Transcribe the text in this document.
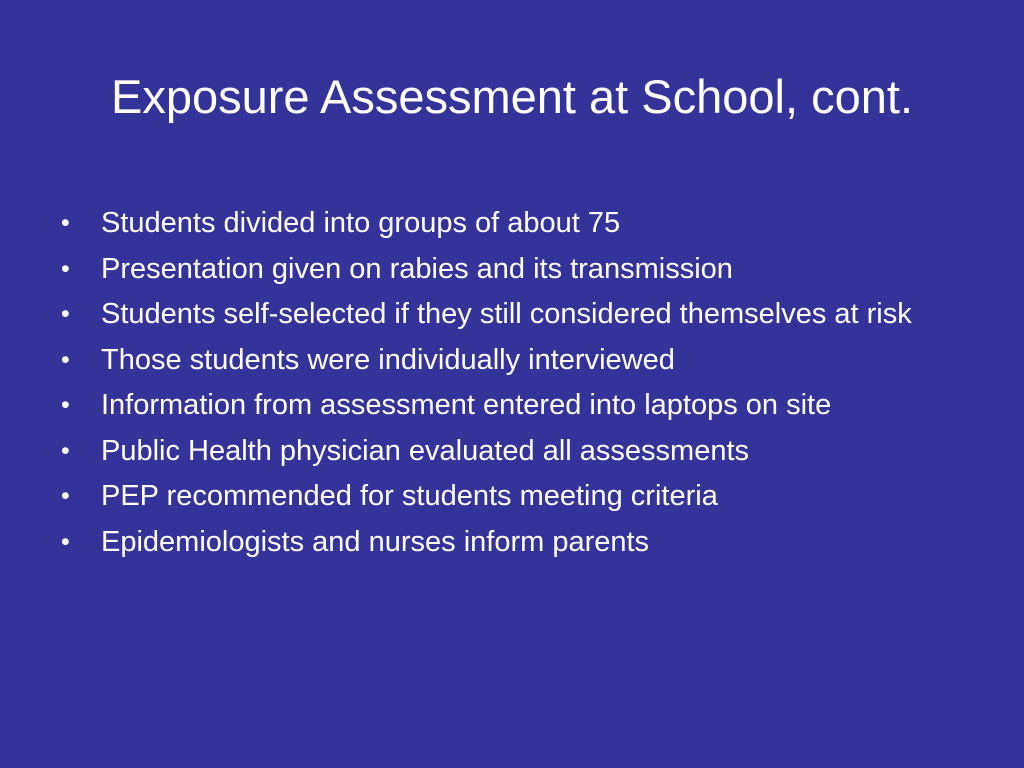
Exposure Assessment at School, cont.
• Students divided into groups of about 75
• Presentation given on rabies and its transmission
• Students self-selected if they still considered themselves at risk
• Those students were individually interviewed
• Information from assessment entered into laptops on site
• Public Health physician evaluated all assessments
• PEP recommended for students meeting criteria
• Epidemiologists and nurses inform parents
